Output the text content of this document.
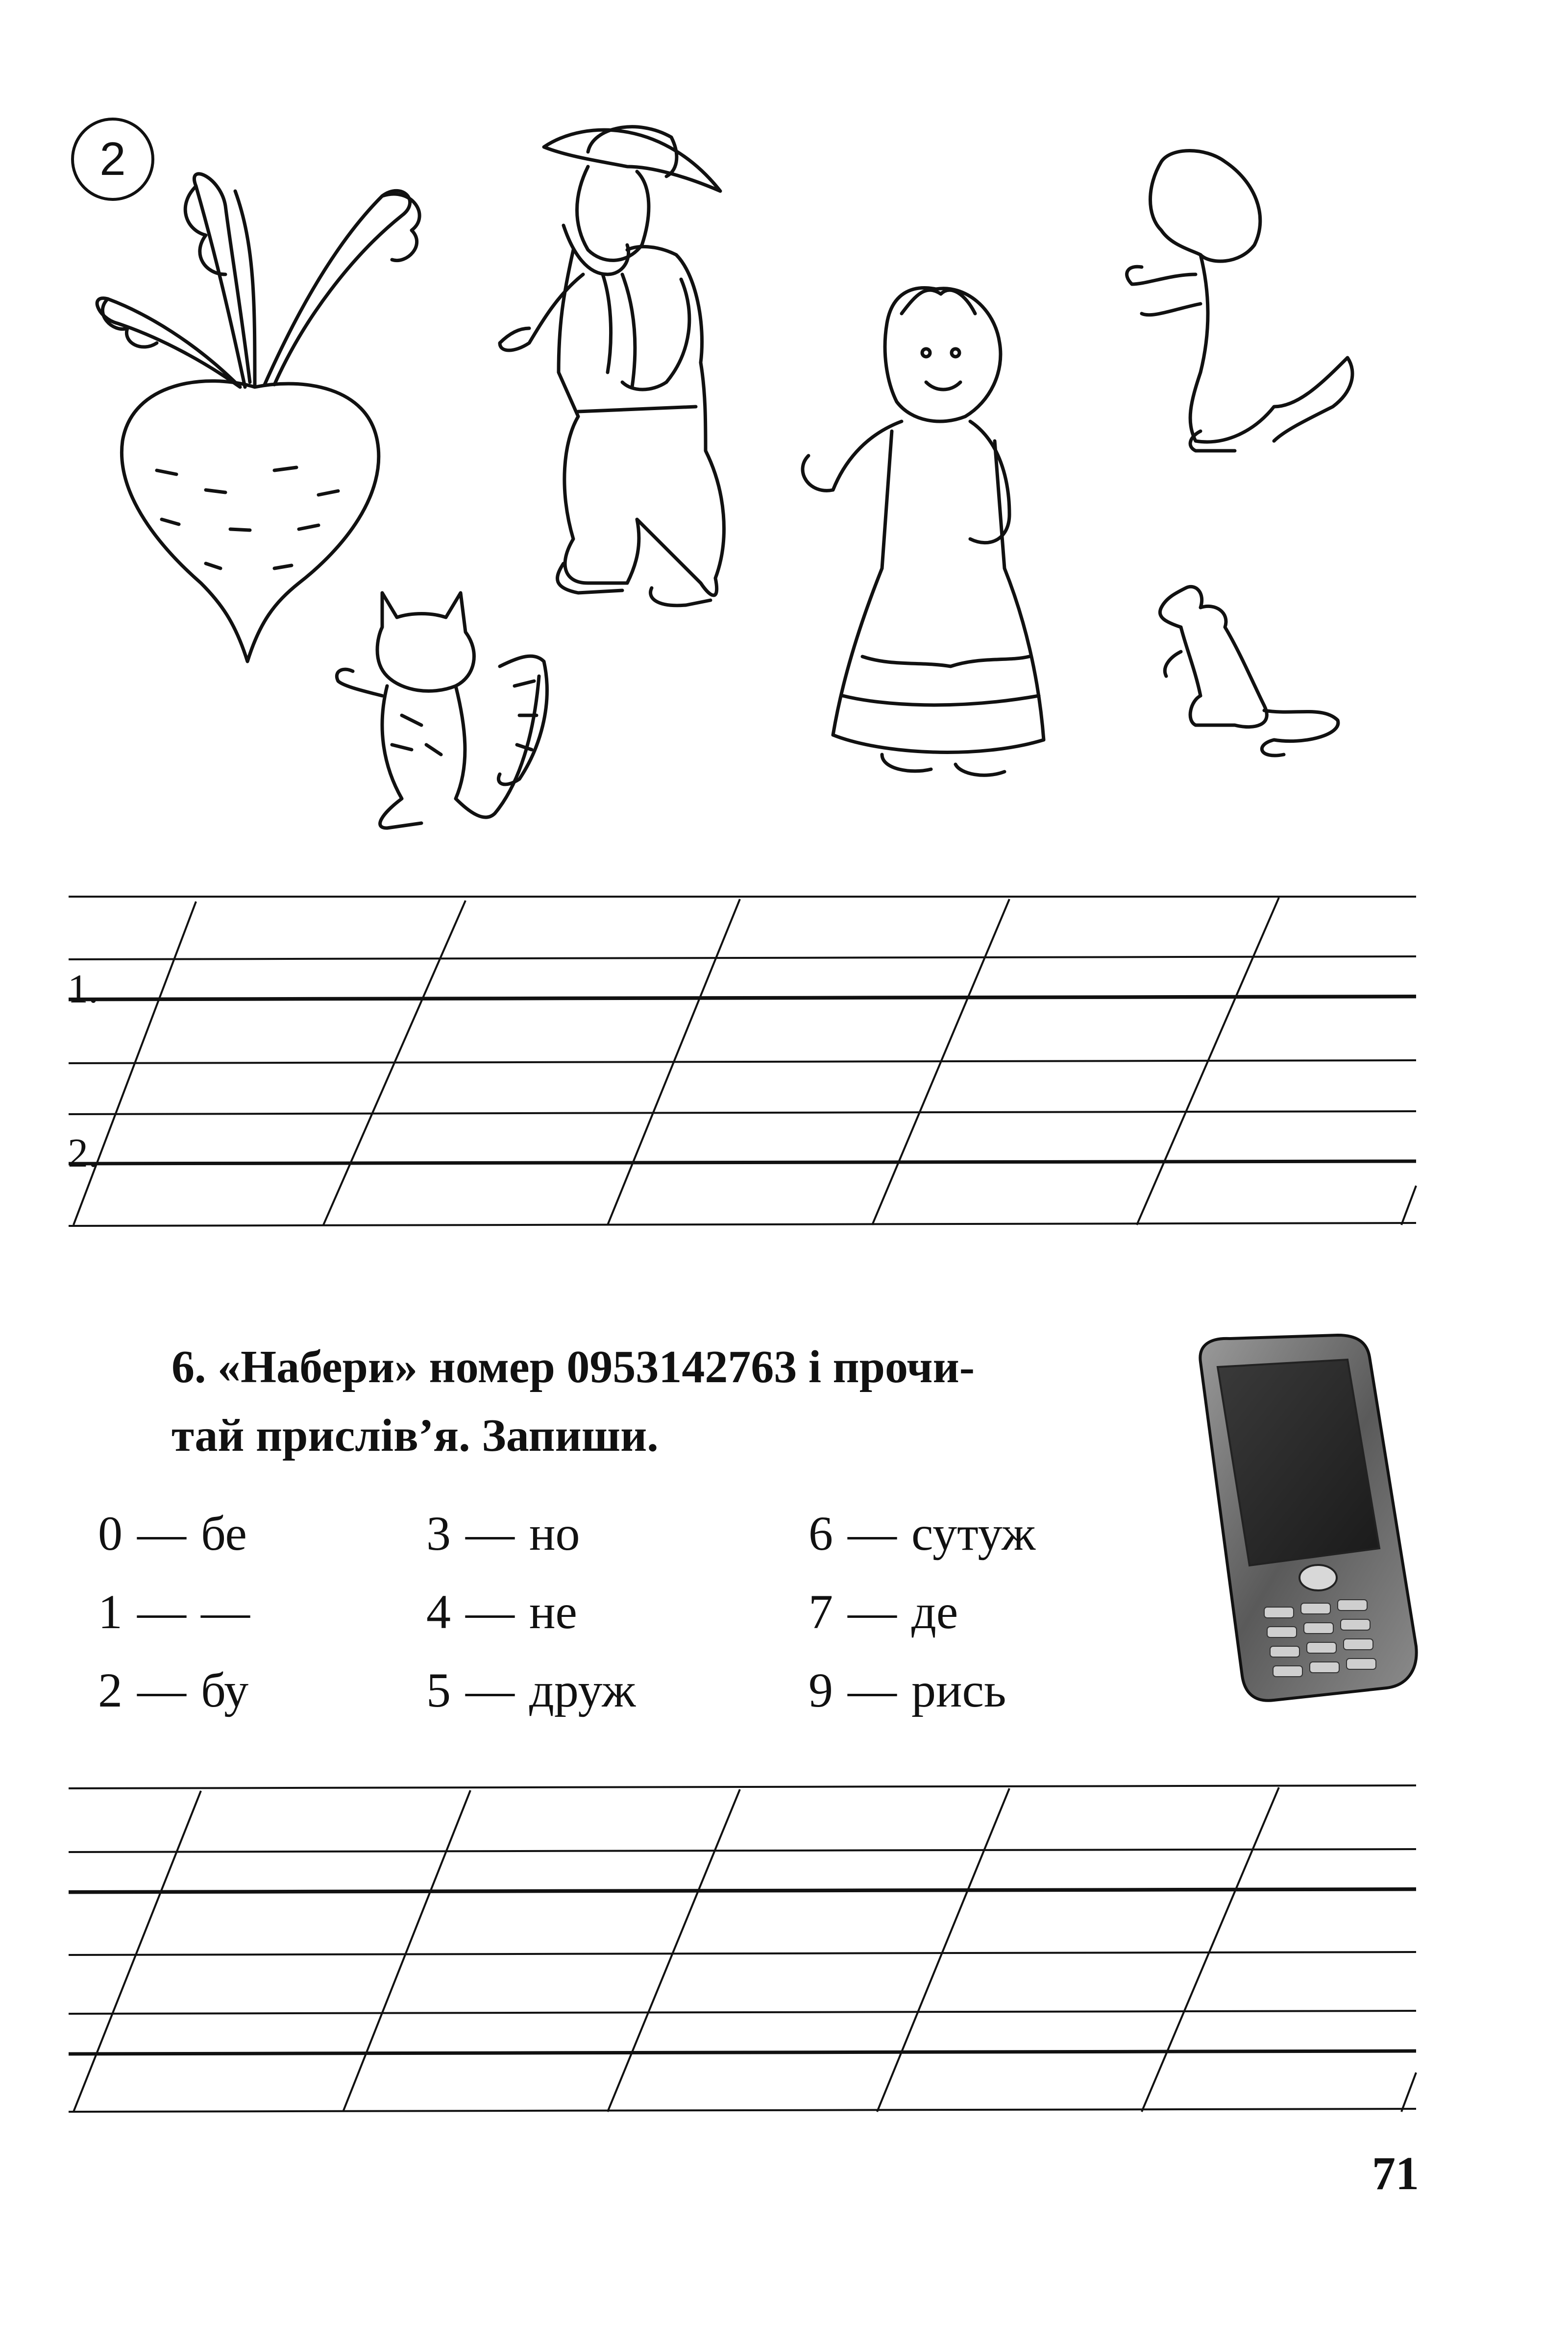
2
1.
2.
6. «Набери» номер 0953142763 і прочи-
тай прислів’я. Запиши.
0 — бе
1 — —
2 — бу
3 — но
4 — не
5 — друж
6 — сутуж
7 — де
9 — рись
71
